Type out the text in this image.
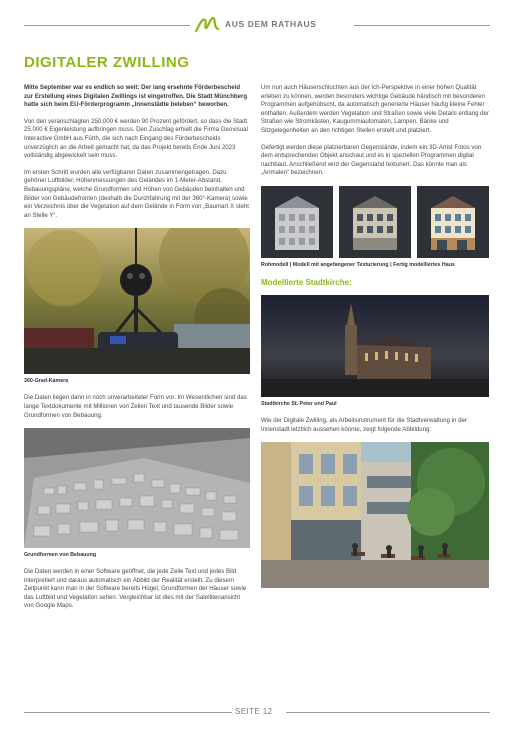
AUS DEM RATHAUS
DIGITALER ZWILLING

Mitte September war es endlich so weit: Der lang ersehnte Förderbescheid zur Erstellung eines Digitalen Zwillings ist eingetroffen. Die Stadt Münchberg hatte sich beim EU-Förderprogramm „Innenstädte beleben“ beworben.

Von den veranschlagten 250.000 € werden 90 Prozent gefördert, so dass die Stadt 25.000 € Eigenleistung aufbringen muss. Den Zuschlag erhielt die Firma Geovisual Interactive GmbH aus Fürth, die sich nach Eingang des Förderbescheids unverzüglich an die Arbeit gemacht hat, da das Projekt bereits Ende Juni 2023 vollständig abgewickelt sein muss.

Im ersten Schritt wurden alle verfügbaren Daten zusammengetragen. Dazu gehören Luftbilder, Höhenmessungen des Geländes im 1-Meter-Abstand, Bebauungspläne, welche Grundformen und Höhen von Gebäuden beinhalten und Bilder von Gebäudefronten (deshalb die Durchfahrung mit der 360°-Kamera) sowie ein Verzeichnis über die Vegetation auf dem Gelände in Form von „Baumart X steht an Stelle Y“.

360-Grad-Kamera

Die Daten liegen dann in noch unverarbeiteter Form vor. Im Wesentlichen sind das lange Textdokumente mit Millionen von Zeilen Text und tausende Bilder sowie Grundformen von Bebauung.

Grundformen von Bebauung

Die Daten werden in einer Software geöffnet, die jede Zeile Text und jedes Bild interpretiert und daraus automatisch ein Abbild der Realität erstellt. Zu diesem Zeitpunkt kann man in der Software bereits Hügel, Grundformen der Häuser sowie das Luftbild und Vegetation sehen. Vergleichbar ist dies mit der Satellitenansicht von Google Maps.

Um nun auch Häuserschluchten aus der Ich-Perspektive in einer hohen Qualität erleben zu können, werden besonders wichtige Gebäude händisch mit besonderen Programmen aufgehübscht, da automatisch generierte Häuser häufig kleine Fehler enthalten. Außerdem werden Vegetation und Straßen sowie viele Details entlang der Straßen wie Stromkästen, Kaugummiautomaten, Lampen, Bänke und Sitzgelegenheiten an den richtigen Stellen erstellt und platziert.

Gefertigt werden diese platzierbaren Gegenstände, indem ein 3D-Artist Fotos von dem entsprechenden Objekt anschaut und es in speziellen Programmen digital nachbaut. Anschließend wird der Gegenstand texturiert. Das könnte man als „Anmalen“ bezeichnen.

Rohmodell | Modell mit angefangener Texturierung | Fertig modelliertes Haus
Modellierte Stadtkirche:
Stadtkirche St. Peter und Paul

Wie der Digitale Zwilling, als Arbeitsinstrument für die Stadtverwaltung in der Innenstadt letztlich aussehen könnte, zeigt folgende Abbildung:

SEITE 12
